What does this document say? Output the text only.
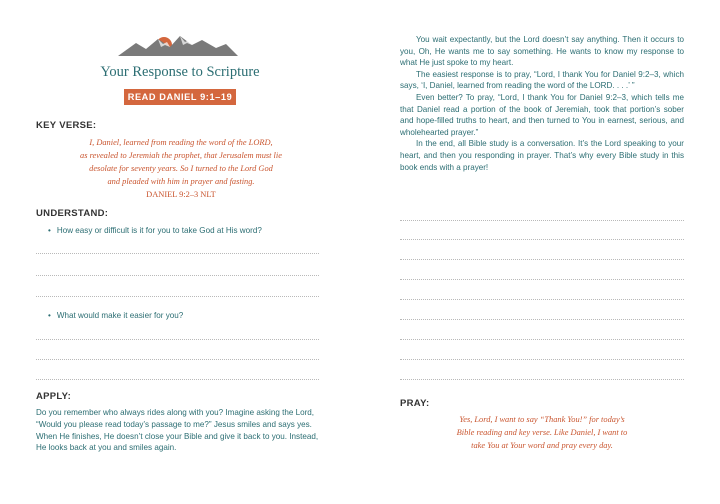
Your Response to Scripture
READ DANIEL 9:1–19
KEY VERSE:
I, Daniel, learned from reading the word of the LORD,
as revealed to Jeremiah the prophet, that Jerusalem must lie
desolate for seventy years. So I turned to the Lord God
and pleaded with him in prayer and fasting.
DANIEL 9:2–3 NLT
UNDERSTAND:
• How easy or difficult is it for you to take God at His word?
• What would make it easier for you?
APPLY:
Do you remember who always rides along with you? Imagine asking the Lord, “Would you please read today’s passage to me?” Jesus smiles and says yes. When He finishes, He doesn’t close your Bible and give it back to you. Instead, He looks back at you and smiles again.

You wait expectantly, but the Lord doesn’t say anything. Then it occurs to you, Oh, He wants me to say something. He wants to know my response to what He just spoke to my heart.

The easiest response is to pray, “Lord, I thank You for Daniel 9:2–3, which says, ‘I, Daniel, learned from reading the word of the LORD. . . .’ ”

Even better? To pray, “Lord, I thank You for Daniel 9:2–3, which tells me that Daniel read a portion of the book of Jeremiah, took that portion’s sober and hope-filled truths to heart, and then turned to You in earnest, serious, and wholehearted prayer.”

In the end, all Bible study is a conversation. It’s the Lord speaking to your heart, and then you responding in prayer. That’s why every Bible study in this book ends with a prayer!

PRAY:
Yes, Lord, I want to say “Thank You!” for today’s
Bible reading and key verse. Like Daniel, I want to
take You at Your word and pray every day.
